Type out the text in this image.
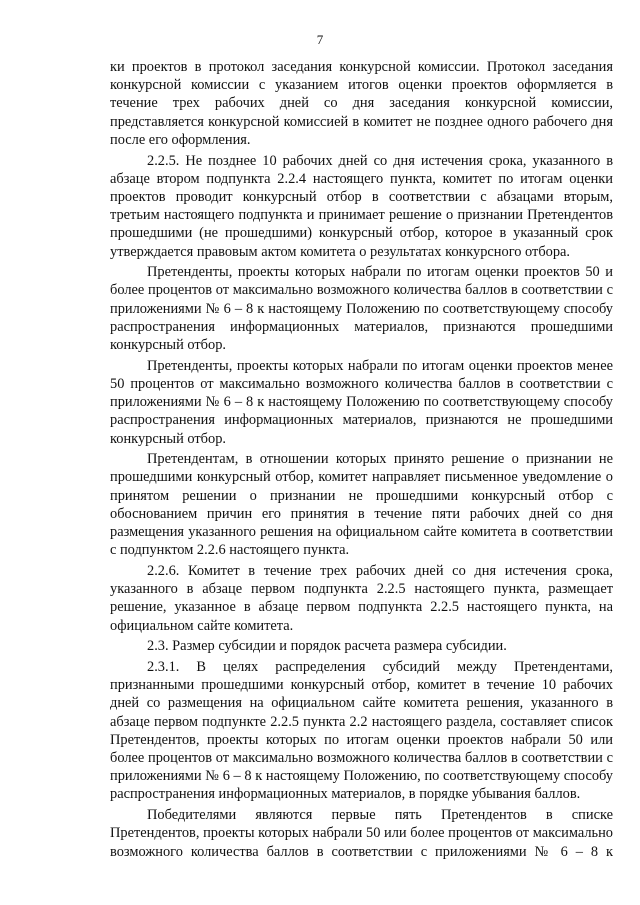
7

ки проектов в протокол заседания конкурсной комиссии. Протокол заседания конкурсной комиссии с указанием итогов оценки проектов оформляется в течение трех рабочих дней со дня заседания конкурсной комиссии, представляется конкурсной комиссией в комитет не позднее одного рабочего дня после его оформления.

2.2.5. Не позднее 10 рабочих дней со дня истечения срока, указанного в абзаце втором подпункта 2.2.4 настоящего пункта, комитет по итогам оценки проектов проводит конкурсный отбор в соответствии с абзацами вторым, третьим настоящего подпункта и принимает решение о признании Претендентов прошедшими (не прошедшими) конкурсный отбор, которое в указанный срок утверждается правовым актом комитета о результатах конкурсного отбора.

Претенденты, проекты которых набрали по итогам оценки проектов 50 и более процентов от максимально возможного количества баллов в соответствии с приложениями № 6 – 8 к настоящему Положению по соответствующему способу распространения информационных материалов, признаются прошедшими конкурсный отбор.

Претенденты, проекты которых набрали по итогам оценки проектов менее 50 процентов от максимально возможного количества баллов в соответствии с приложениями № 6 – 8 к настоящему Положению по соответствующему способу распространения информационных материалов, признаются не прошедшими конкурсный отбор.

Претендентам, в отношении которых принято решение о признании не прошедшими конкурсный отбор, комитет направляет письменное уведомление о принятом решении о признании не прошедшими конкурсный отбор с обоснованием причин его принятия в течение пяти рабочих дней со дня размещения указанного решения на официальном сайте комитета в соответствии с подпунктом 2.2.6 настоящего пункта.

2.2.6. Комитет в течение трех рабочих дней со дня истечения срока, указанного в абзаце первом подпункта 2.2.5 настоящего пункта, размещает решение, указанное в абзаце первом подпункта 2.2.5 настоящего пункта, на официальном сайте комитета.

2.3. Размер субсидии и порядок расчета размера субсидии.

2.3.1. В целях распределения субсидий между Претендентами, признанными прошедшими конкурсный отбор, комитет в течение 10 рабочих дней со размещения на официальном сайте комитета решения, указанного в абзаце первом подпункте 2.2.5 пункта 2.2 настоящего раздела, составляет список Претендентов, проекты которых по итогам оценки проектов набрали 50 или более процентов от максимально возможного количества баллов в соответствии с приложениями № 6 – 8 к настоящему Положению, по соответствующему способу распространения информационных материалов, в порядке убывания баллов.

Победителями являются первые пять Претендентов в списке Претендентов, проекты которых набрали 50 или более процентов от максимально возможного количества баллов в соответствии с приложениями № 6 – 8 к
